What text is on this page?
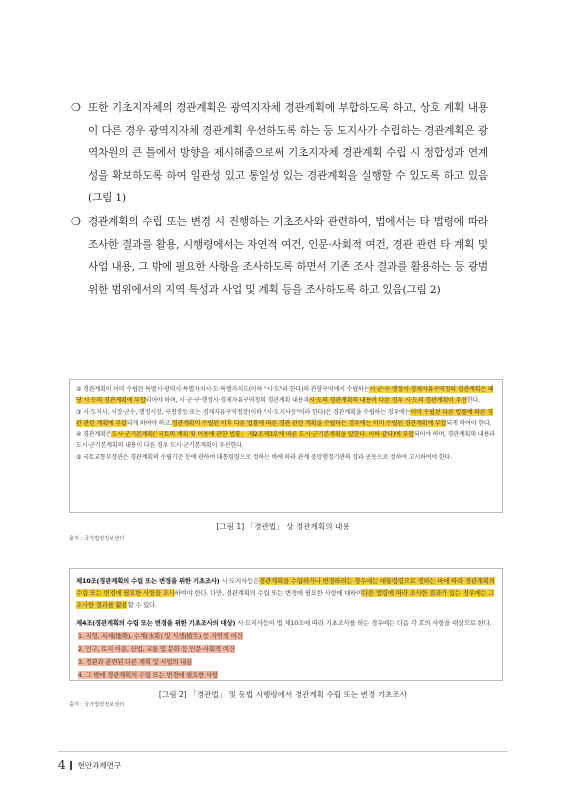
❍ 또한 기초지자체의 경관계획은 광역지자체 경관계획에 부합하도록 하고, 상호 계획 내용이 다른 경우 광역지자체 경관계획 우선하도록 하는 등 도지사가 수립하는 경관계획은 광역차원의 큰 틀에서 방향을 제시해줌으로써 기초지자체 경관계획 수립 시 정합성과 연계성을 확보하도록 하여 일관성 있고 통일성 있는 경관계획을 실행할 수 있도록 하고 있음(그림 1)
❍ 경관계획의 수립 또는 변경 시 진행하는 기초조사와 관련하여, 법에서는 타 법령에 따라 조사한 결과를 활용, 시행령에서는 자연적 여건, 인문·사회적 여건, 경관 관련 타 계획 및 사업 내용, 그 밖에 필요한 사항을 조사하도록 하면서 기존 조사 결과를 활용하는 등 광범위한 범위에서의 지역 특성과 사업 및 계획 등을 조사하도록 하고 있음(그림 2)

② 경관계획이 이미 수립된 특별시·광역시·특별자치시·도·특별자치도(이하 "시·도"라 한다)의 관할구역에서 수립하는시·군·구·행정시·경제자유구역청의 경관계획은 해당 시·도의 경관계획에 부합되어야 하며, 시·군·구·행정시·경제자유구역청의 경관계획 내용과시·도의 경관계획의 내용이 다른 경우 시·도의 경관계획이 우선한다.

③ 시·도지사, 시장·군수, 행정시장, 구청장등 또는 경제자유구역청장(이하 "시·도지사등"이라 한다)은 경관계획을 수립하는 경우에는이미 수립된 다른 법률에 따른 경관 관련 계획에 부합되게 하여야 하고,경관계획이 수립된 이후 다른 법률에 따른 경관 관련 계획을 수립하는 경우에는 이미 수립된 경관계획에 부합되게 하여야 한다.

④ 경관계획은도시·군기본계획(「국토의 계획 및 이용에 관한 법률」 제2조제3호에 따른 도시·군기본계획을 말한다. 이하 같다)에 부합되어야 하며, 경관계획의 내용과 도시·군기본계획의 내용이 다른 경우 도시·군기본계획이 우선한다.

⑤ 국토교통부장관은 경관계획의 수립기준 등에 관하여 대통령령으로 정하는 바에 따라 관계 중앙행정기관의 장과 공동으로 정하여 고시하여야 한다.

[그림 1] 「경관법」 상 경관계획의 내용
출처 : 국가법령정보센터

제10조(경관계획의 수립 또는 변경을 위한 기초조사) 시·도지사등은경관계획을 수립하거나 변경하려는 경우에는 대통령령으로 정하는 바에 따라 경관계획의 수립 또는 변경에 필요한 사항을 조사하여야 한다. 다만, 경관계획의 수립 또는 변경에 필요한 사항에 대하여다른 법령에 따라 조사한 결과가 있는 경우에는 그 조사한 결과를 활용할 수 있다.

제4조(경관계획의 수립 또는 변경을 위한 기초조사의 대상) 시·도지사등이 법 제10조에 따라 기초조사를 하는 경우에는 다음 각 호의 사항을 대상으로 한다.

1. 지형, 지세(地勢), 수계(水系) 및 식생(植生) 등 자연적 여건

2. 인구, 토지 이용, 산업, 교통 및 문화 등 인문·사회적 여건

3. 경관과 관련된 다른 계획 및 사업의 내용

4. 그 밖에 경관계획의 수립 또는 변경에 필요한 사항

[그림 2] 「경관법」 및 동법 시행령에서 경관계획 수립 또는 변경 기초조사
출처 : 국가법령정보센터
4 현안과제연구
